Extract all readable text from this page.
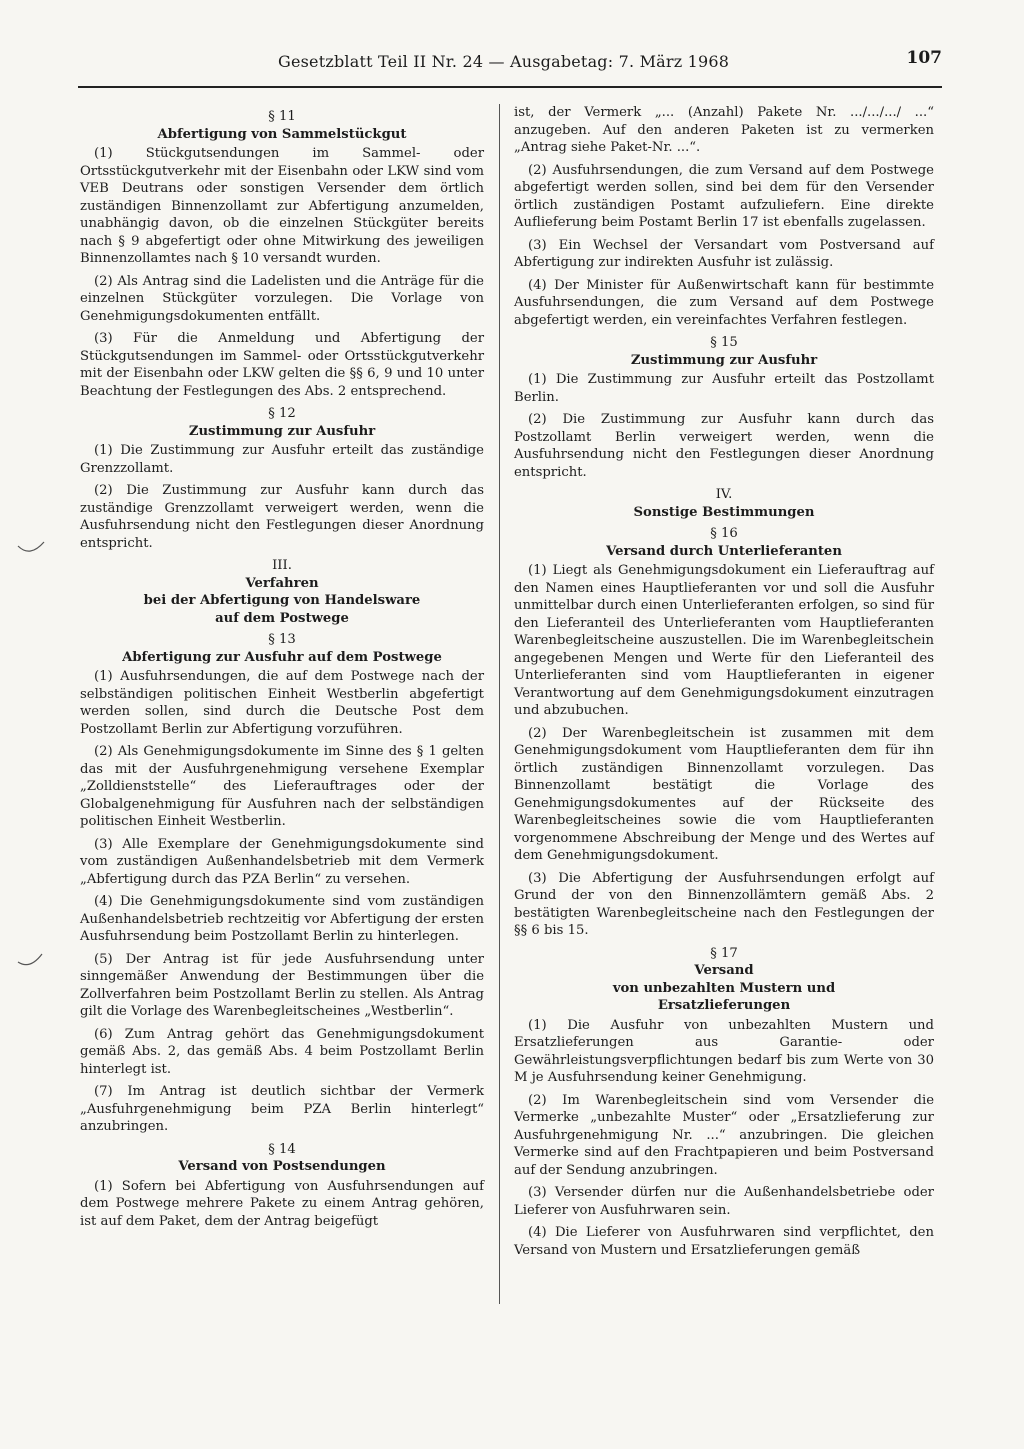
Gesetzblatt Teil II Nr. 24 — Ausgabetag: 7. März 1968	107
§ 11
Abfertigung von Sammelstückgut

(1) Stückgutsendungen im Sammel- oder Ortsstückgutverkehr mit der Eisenbahn oder LKW sind vom VEB Deutrans oder sonstigen Versender dem örtlich zuständigen Binnenzollamt zur Abfertigung anzumelden, unabhängig davon, ob die einzelnen Stückgüter bereits nach § 9 abgefertigt oder ohne Mitwirkung des jeweiligen Binnenzollamtes nach § 10 versandt wurden.

(2) Als Antrag sind die Ladelisten und die Anträge für die einzelnen Stückgüter vorzulegen. Die Vorlage von Genehmigungsdokumenten entfällt.

(3) Für die Anmeldung und Abfertigung der Stückgutsendungen im Sammel- oder Ortsstückgutverkehr mit der Eisenbahn oder LKW gelten die §§ 6, 9 und 10 unter Beachtung der Festlegungen des Abs. 2 entsprechend.

§ 12
Zustimmung zur Ausfuhr

(1) Die Zustimmung zur Ausfuhr erteilt das zuständige Grenzzollamt.

(2) Die Zustimmung zur Ausfuhr kann durch das zuständige Grenzzollamt verweigert werden, wenn die Ausfuhrsendung nicht den Festlegungen dieser Anordnung entspricht.

III.
Verfahren
bei der Abfertigung von Handelsware
auf dem Postwege
§ 13
Abfertigung zur Ausfuhr auf dem Postwege

(1) Ausfuhrsendungen, die auf dem Postwege nach der selbständigen politischen Einheit Westberlin abgefertigt werden sollen, sind durch die Deutsche Post dem Postzollamt Berlin zur Abfertigung vorzuführen.

(2) Als Genehmigungsdokumente im Sinne des § 1 gelten das mit der Ausfuhrgenehmigung versehene Exemplar „Zolldienststelle“ des Lieferauftrages oder der Globalgenehmigung für Ausfuhren nach der selbständigen politischen Einheit Westberlin.

(3) Alle Exemplare der Genehmigungsdokumente sind vom zuständigen Außenhandelsbetrieb mit dem Vermerk „Abfertigung durch das PZA Berlin“ zu versehen.

(4) Die Genehmigungsdokumente sind vom zuständigen Außenhandelsbetrieb rechtzeitig vor Abfertigung der ersten Ausfuhrsendung beim Postzollamt Berlin zu hinterlegen.

(5) Der Antrag ist für jede Ausfuhrsendung unter sinngemäßer Anwendung der Bestimmungen über die Zollverfahren beim Postzollamt Berlin zu stellen. Als Antrag gilt die Vorlage des Warenbegleitscheines „Westberlin“.

(6) Zum Antrag gehört das Genehmigungsdokument gemäß Abs. 2, das gemäß Abs. 4 beim Postzollamt Berlin hinterlegt ist.

(7) Im Antrag ist deutlich sichtbar der Vermerk „Ausfuhrgenehmigung beim PZA Berlin hinterlegt“ anzubringen.

§ 14
Versand von Postsendungen

(1) Sofern bei Abfertigung von Ausfuhrsendungen auf dem Postwege mehrere Pakete zu einem Antrag gehören, ist auf dem Paket, dem der Antrag beigefügt

ist, der Vermerk „... (Anzahl) Pakete Nr. .../.../.../ ...“ anzugeben. Auf den anderen Paketen ist zu vermerken „Antrag siehe Paket-Nr. ...“.

(2) Ausfuhrsendungen, die zum Versand auf dem Postwege abgefertigt werden sollen, sind bei dem für den Versender örtlich zuständigen Postamt aufzuliefern. Eine direkte Auflieferung beim Postamt Berlin 17 ist ebenfalls zugelassen.

(3) Ein Wechsel der Versandart vom Postversand auf Abfertigung zur indirekten Ausfuhr ist zulässig.

(4) Der Minister für Außenwirtschaft kann für bestimmte Ausfuhrsendungen, die zum Versand auf dem Postwege abgefertigt werden, ein vereinfachtes Verfahren festlegen.

§ 15
Zustimmung zur Ausfuhr

(1) Die Zustimmung zur Ausfuhr erteilt das Postzollamt Berlin.

(2) Die Zustimmung zur Ausfuhr kann durch das Postzollamt Berlin verweigert werden, wenn die Ausfuhrsendung nicht den Festlegungen dieser Anordnung entspricht.

IV.
Sonstige Bestimmungen
§ 16
Versand durch Unterlieferanten

(1) Liegt als Genehmigungsdokument ein Lieferauftrag auf den Namen eines Hauptlieferanten vor und soll die Ausfuhr unmittelbar durch einen Unterlieferanten erfolgen, so sind für den Lieferanteil des Unterlieferanten vom Hauptlieferanten Warenbegleitscheine auszustellen. Die im Warenbegleitschein angegebenen Mengen und Werte für den Lieferanteil des Unterlieferanten sind vom Hauptlieferanten in eigener Verantwortung auf dem Genehmigungsdokument einzutragen und abzubuchen.

(2) Der Warenbegleitschein ist zusammen mit dem Genehmigungsdokument vom Hauptlieferanten dem für ihn örtlich zuständigen Binnenzollamt vorzulegen. Das Binnenzollamt bestätigt die Vorlage des Genehmigungsdokumentes auf der Rückseite des Warenbegleitscheines sowie die vom Hauptlieferanten vorgenommene Abschreibung der Menge und des Wertes auf dem Genehmigungsdokument.

(3) Die Abfertigung der Ausfuhrsendungen erfolgt auf Grund der von den Binnenzollämtern gemäß Abs. 2 bestätigten Warenbegleitscheine nach den Festlegungen der §§ 6 bis 15.

§ 17
Versand
von unbezahlten Mustern und
Ersatzlieferungen

(1) Die Ausfuhr von unbezahlten Mustern und Ersatzlieferungen aus Garantie- oder Gewährleistungsverpflichtungen bedarf bis zum Werte von 30 M je Ausfuhrsendung keiner Genehmigung.

(2) Im Warenbegleitschein sind vom Versender die Vermerke „unbezahlte Muster“ oder „Ersatzlieferung zur Ausfuhrgenehmigung Nr. ...“ anzubringen. Die gleichen Vermerke sind auf den Frachtpapieren und beim Postversand auf der Sendung anzubringen.

(3) Versender dürfen nur die Außenhandelsbetriebe oder Lieferer von Ausfuhrwaren sein.

(4) Die Lieferer von Ausfuhrwaren sind verpflichtet, den Versand von Mustern und Ersatzlieferungen gemäß
